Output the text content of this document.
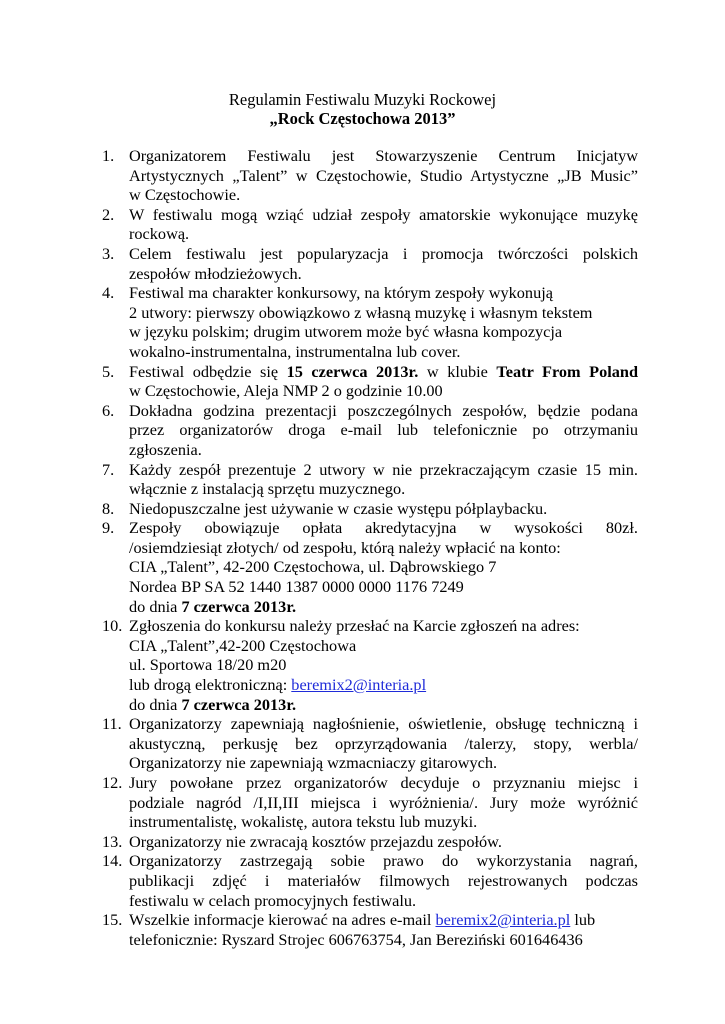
Regulamin Festiwalu Muzyki Rockowej
„Rock Częstochowa 2013”
1. Organizatorem Festiwalu jest Stowarzyszenie Centrum Inicjatyw
Artystycznych „Talent” w Częstochowie, Studio Artystyczne „JB Music”
w Częstochowie.
2. W festiwalu mogą wziąć udział zespoły amatorskie wykonujące muzykę
rockową.
3. Celem festiwalu jest popularyzacja i promocja twórczości polskich
zespołów młodzieżowych.
4. Festiwal ma charakter konkursowy, na którym zespoły wykonują
2 utwory: pierwszy obowiązkowo z własną muzykę i własnym tekstem
w języku polskim; drugim utworem może być własna kompozycja
wokalno-instrumentalna, instrumentalna lub cover.
5. Festiwal odbędzie się 15 czerwca 2013r. w klubie Teatr From Poland
w Częstochowie, Aleja NMP 2 o godzinie 10.00
6. Dokładna godzina prezentacji poszczególnych zespołów, będzie podana
przez organizatorów droga e-mail lub telefonicznie po otrzymaniu
zgłoszenia.
7. Każdy zespół prezentuje 2 utwory w nie przekraczającym czasie 15 min.
włącznie z instalacją sprzętu muzycznego.
8. Niedopuszczalne jest używanie w czasie występu półplaybacku.
9. Zespoły obowiązuje opłata akredytacyjna w wysokości 80zł.
/osiemdziesiąt złotych/ od zespołu, którą należy wpłacić na konto:
CIA „Talent”, 42-200 Częstochowa, ul. Dąbrowskiego 7
Nordea BP SA 52 1440 1387 0000 0000 1176 7249
do dnia 7 czerwca 2013r.
10. Zgłoszenia do konkursu należy przesłać na Karcie zgłoszeń na adres:
CIA „Talent”,42-200 Częstochowa
ul. Sportowa 18/20 m20
lub drogą elektroniczną: beremix2@interia.pl
do dnia 7 czerwca 2013r.
11. Organizatorzy zapewniają nagłośnienie, oświetlenie, obsługę techniczną i
akustyczną, perkusję bez oprzyrządowania /talerzy, stopy, werbla/
Organizatorzy nie zapewniają wzmacniaczy gitarowych.
12. Jury powołane przez organizatorów decyduje o przyznaniu miejsc i
podziale nagród /I,II,III miejsca i wyróżnienia/. Jury może wyróżnić
instrumentalistę, wokalistę, autora tekstu lub muzyki.
13. Organizatorzy nie zwracają kosztów przejazdu zespołów.
14. Organizatorzy zastrzegają sobie prawo do wykorzystania nagrań,
publikacji zdjęć i materiałów filmowych rejestrowanych podczas
festiwalu w celach promocyjnych festiwalu.
15. Wszelkie informacje kierować na adres e-mail beremix2@interia.pl lub
telefonicznie: Ryszard Strojec 606763754, Jan Bereziński 601646436
